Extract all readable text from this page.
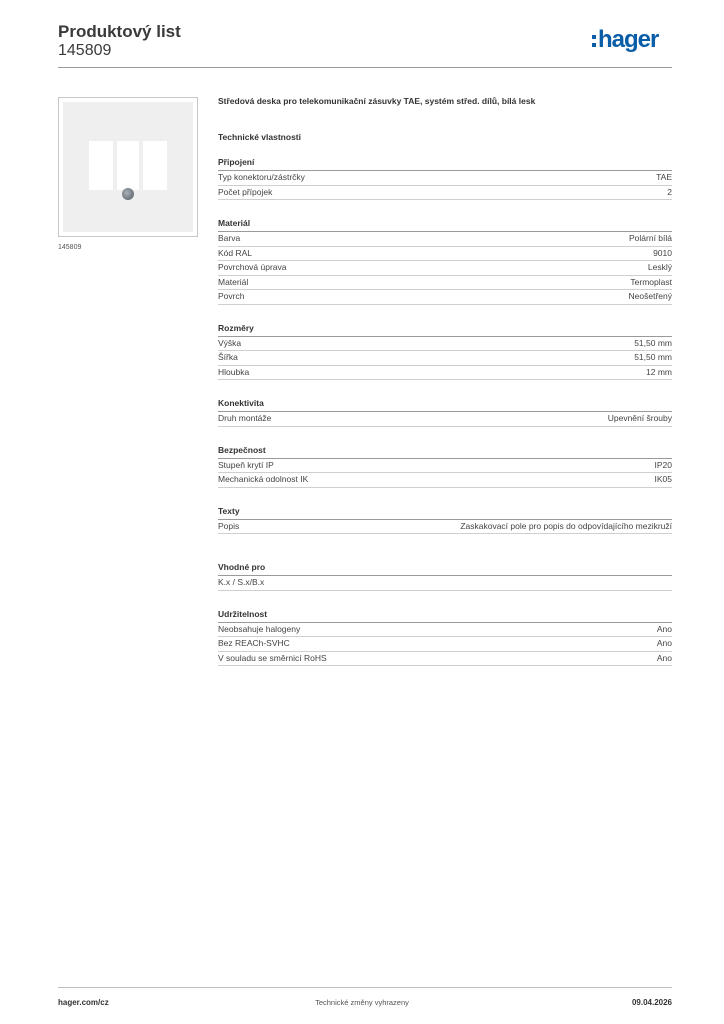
Produktový list
145809	hager
145809
Středová deska pro telekomunikační zásuvky TAE, systém střed. dílů, bílá lesk
Technické vlastnosti
Připojení
Typ konektoru/zástrčky	TAE
Počet přípojek	2
Materiál
Barva	Polární bílá
Kód RAL	9010
Povrchová úprava	Lesklý
Materiál	Termoplast
Povrch	Neošetřený
Rozměry
Výška	51,50 mm
Šířka	51,50 mm
Hloubka	12 mm
Konektivita
Druh montáže	Upevnění šrouby
Bezpečnost
Stupeň krytí IP	IP20
Mechanická odolnost IK	IK05
Texty
Popis	Zaskakovací pole pro popis do odpovídajícího mezikruží
Vhodné pro
K.x / S.x/B.x
Udržitelnost
Neobsahuje halogeny	Ano
Bez REACh-SVHC	Ano
V souladu se směrnicí RoHS	Ano
hager.com/cz	Technické změny vyhrazeny	09.04.2026
